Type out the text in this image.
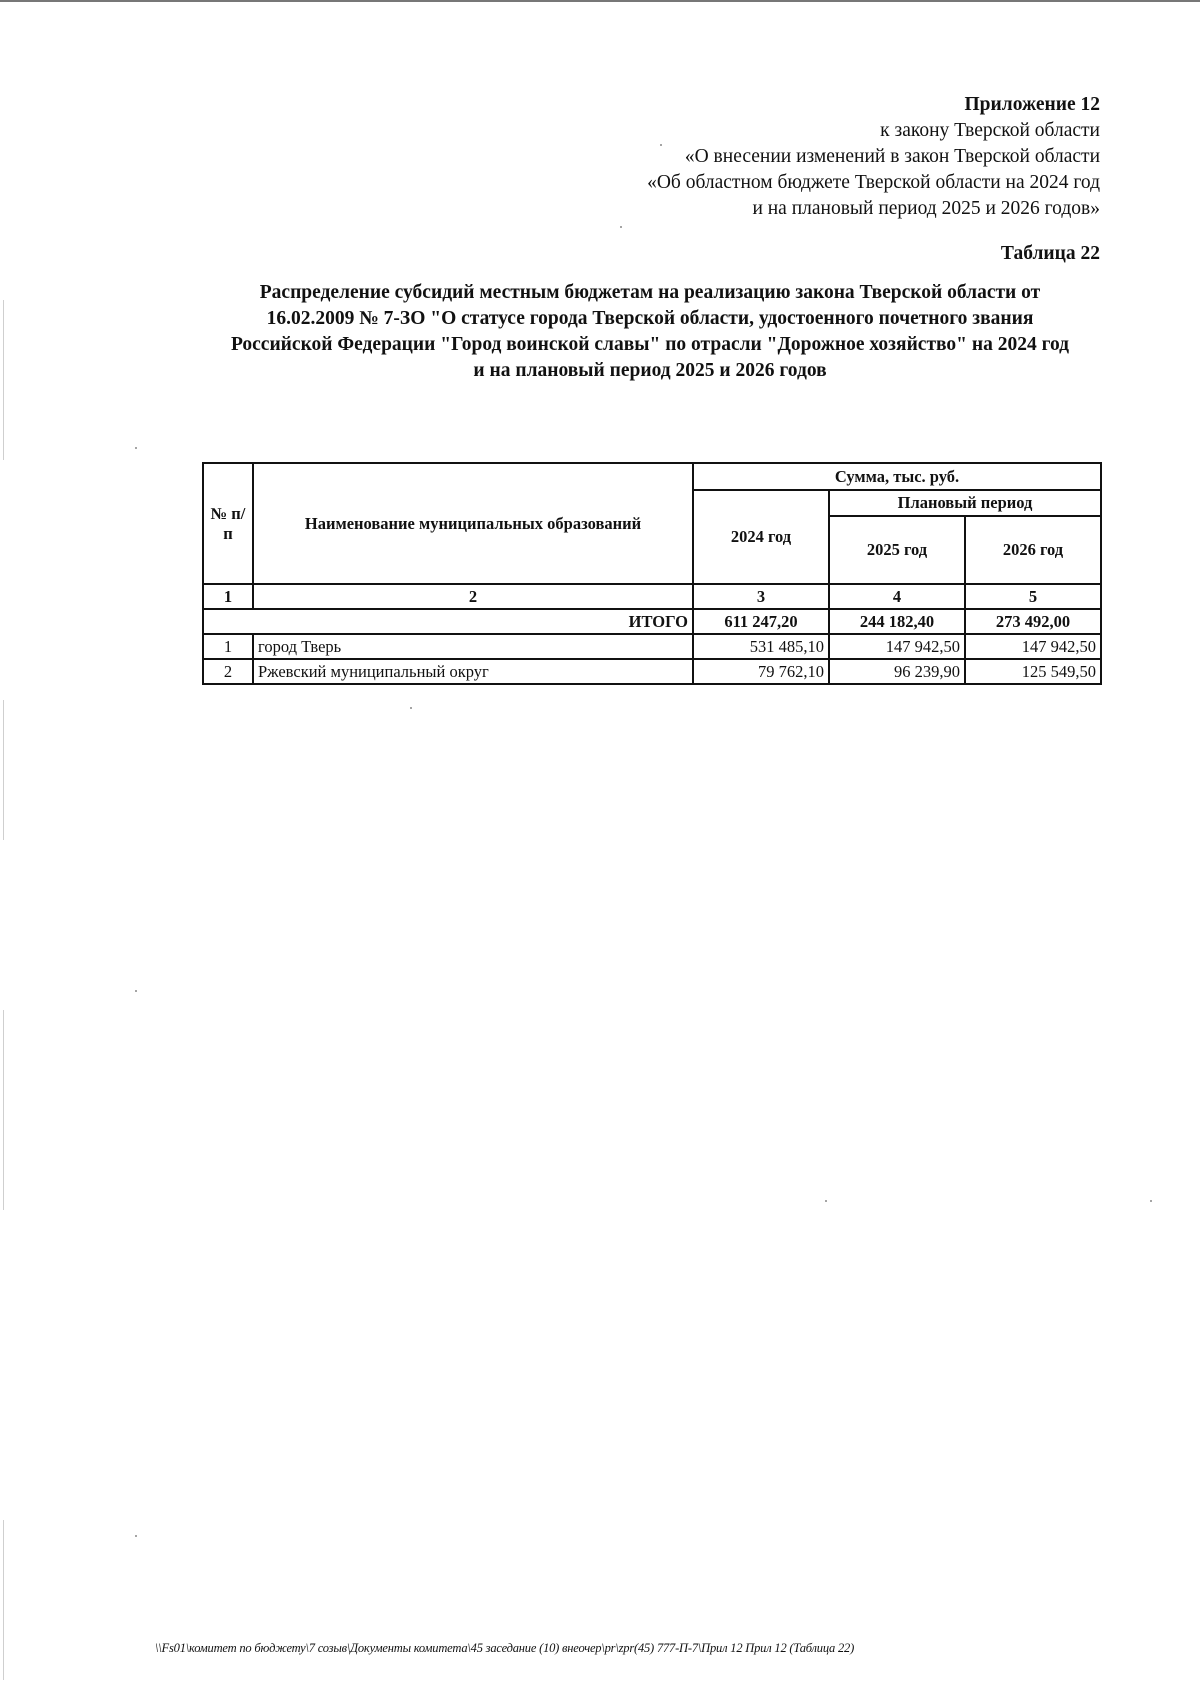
Приложение 12
к закону Тверской области
«О внесении изменений в закон Тверской области
«Об областном бюджете Тверской области на 2024 год
и на плановый период 2025 и 2026 годов»
Таблица 22
Распределение субсидий местным бюджетам на реализацию закона Тверской области от
16.02.2009 № 7-ЗО "О статусе города Тверской области, удостоенного почетного звания
Российской Федерации "Город воинской славы" по отрасли "Дорожное хозяйство" на 2024 год
и на плановый период 2025 и 2026 годов
№ п/п	Наименование муниципальных образований	Сумма, тыс. руб.		
		2024 год	Плановый период	
			2025 год	2026 год
1	2	3	4	5
ИТОГО		611 247,20	244 182,40	273 492,00
1	город Тверь	531 485,10	147 942,50	147 942,50
2	Ржевский муниципальный округ	79 762,10	96 239,90	125 549,50
\\Fs01\комитет по бюджету\7 созыв\Документы комитета\45 заседание (10) внеочер\pr\zpr(45) 777-П-7\Прил 12 Прил 12 (Таблица 22)
